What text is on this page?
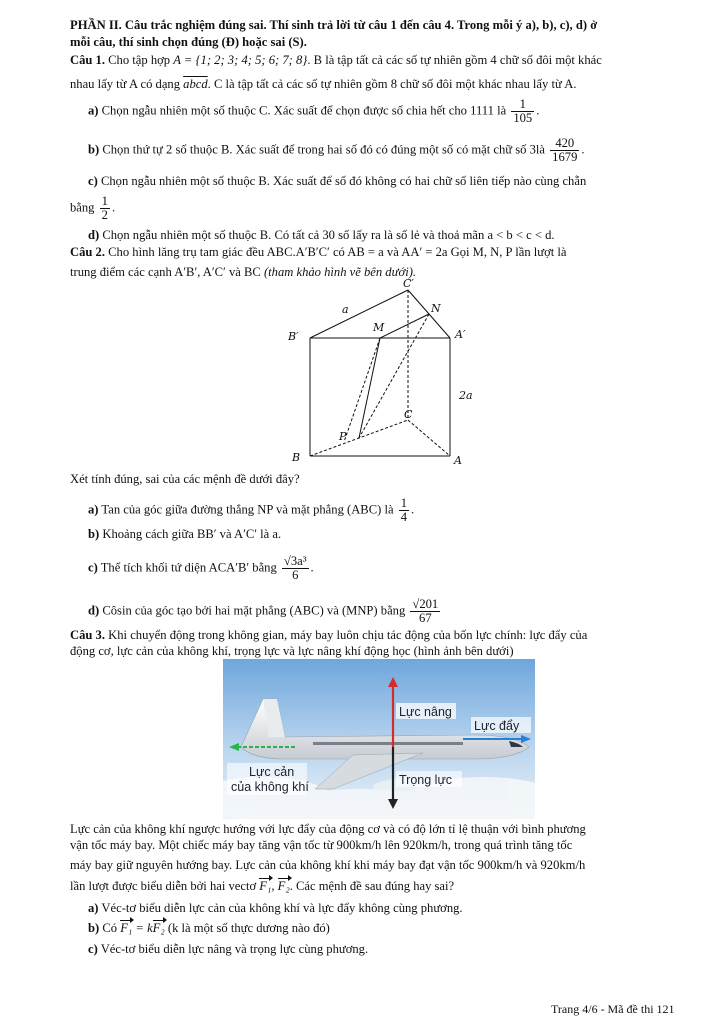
PHẦN II. Câu trắc nghiệm đúng sai. Thí sinh trả lời từ câu 1 đến câu 4. Trong mỗi ý a), b), c), d) ở
mỗi câu, thí sinh chọn đúng (Đ) hoặc sai (S).
Câu 1. Cho tập hợp A = {1; 2; 3; 4; 5; 6; 7; 8}. B là tập tất cả các số tự nhiên gồm 4 chữ số đôi một khác
nhau lấy từ A có dạng abcd. C là tập tất cả các số tự nhiên gồm 8 chữ số đôi một khác nhau lấy từ A.
a) Chọn ngẫu nhiên một số thuộc C. Xác suất để chọn được số chia hết cho 1111 là $\frac{1}{105}$ .
b) Chọn thứ tự 2 số thuộc B. Xác suất để trong hai số đó có đúng một số có mặt chữ số 3là $\frac{420}{1679}$ .
c) Chọn ngẫu nhiên một số thuộc B. Xác suất để số đó không có hai chữ số liên tiếp nào cùng chẵn
bằng $\frac{1}{2}$ .
d) Chọn ngẫu nhiên một số thuộc B. Có tất cả 30 số lấy ra là số lẻ và thoả mãn a < b < c < d.
Câu 2. Cho hình lăng trụ tam giác đều ABC.A′B′C′ có AB = a và AA′ = 2a Gọi M, N, P lần lượt là
trung điểm các cạnh A′B′, A′C′ và BC (tham khảo hình vẽ bên dưới).
C′
a	N
B′
M
A′
2a
C
P
B	A
Xét tính đúng, sai của các mệnh đề dưới đây?
a) Tan của góc giữa đường thẳng NP và mặt phẳng (ABC) là $\frac{1}{4}$ .
b) Khoảng cách giữa BB′ và A′C′ là a.
c) Thể tích khối tứ diện ACA′B′ bằng $\frac{\text{√3a³}}{6}$ .
d) Côsin của góc tạo bởi hai mặt phẳng (ABC) và (MNP) bằng $\frac{√201}{67}$
Câu 3. Khi chuyển động trong không gian, máy bay luôn chịu tác động của bốn lực chính: lực đẩy của
động cơ, lực cản của không khí, trọng lực và lực nâng khí động học (hình ảnh bên dưới)
Lực nâng
Lực đẩy
Lực cản
của không khí	Trọng lực
Lực cản của không khí ngược hướng với lực đẩy của động cơ và có độ lớn tỉ lệ thuận với bình phương
vận tốc máy bay. Một chiếc máy bay tăng vận tốc từ 900km/h lên 920km/h, trong quá trình tăng tốc
máy bay giữ nguyên hướng bay. Lực cản của không khí khi máy bay đạt vận tốc 900km/h và 920km/h
lần lượt được biểu diễn bởi hai vectơ F₁, F₂. Các mệnh đề sau đúng hay sai?
a) Véc-tơ biểu diễn lực cản của không khí và lực đẩy không cùng phương.
b) Có F₁ = kF₂ (k là một số thực dương nào đó)
c) Véc-tơ biểu diễn lực nâng và trọng lực cùng phương.
Trang 4/6 - Mã đề thi 121
